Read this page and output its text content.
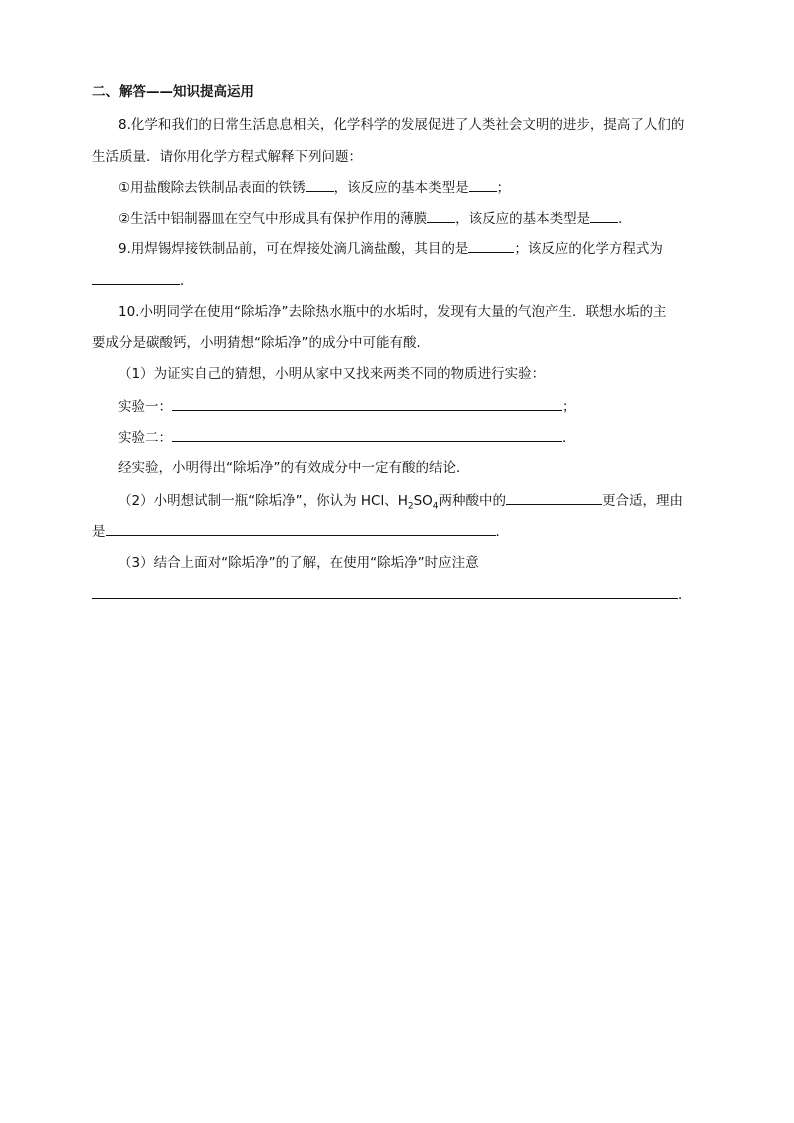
二、解答——知识提高运用
8.化学和我们的日常生活息息相关，化学科学的发展促进了人类社会文明的进步，提高了人们的
生活质量．请你用化学方程式解释下列问题：
①用盐酸除去铁制品表面的铁锈 ，该反应的基本类型是 ；
②生活中铝制器皿在空气中形成具有保护作用的薄膜 ，该反应的基本类型是 ．
9.用焊锡焊接铁制品前，可在焊接处滴几滴盐酸，其目的是	；该反应的化学方程式为
．
10.小明同学在使用“除垢净”去除热水瓶中的水垢时，发现有大量的气泡产生．联想水垢的主
要成分是碳酸钙，小明猜想“除垢净”的成分中可能有酸．
（1）为证实自己的猜想，小明从家中又找来两类不同的物质进行实验：
实验一：	；
实验二：	．
经实验，小明得出“除垢净”的有效成分中一定有酸的结论．
（2）小明想试制一瓶“除垢净”，你认为 HCl、$H_2SO_4$两种酸中的	更合适，理由
是	．
（3）结合上面对“除垢净”的了解，在使用“除垢净”时应注意
．
